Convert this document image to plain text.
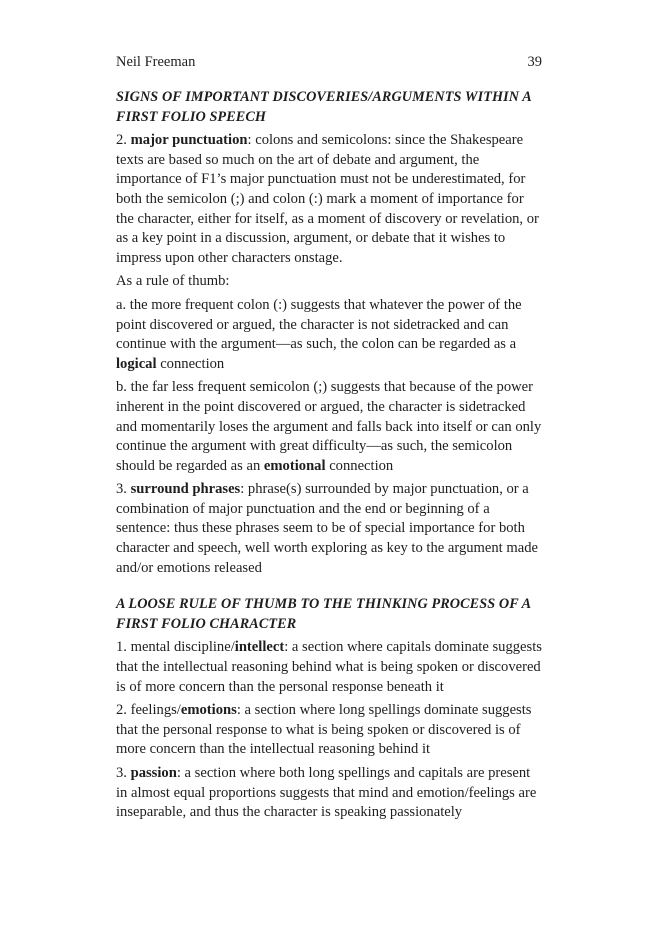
Neil Freeman	39

SIGNS OF IMPORTANT DISCOVERIES/ARGUMENTS WITHIN A FIRST FOLIO SPEECH

2. major punctuation: colons and semicolons: since the Shakespeare texts are based so much on the art of debate and argument, the importance of F1’s major punctuation must not be underestimated, for both the semicolon (;) and colon (:) mark a moment of importance for the character, either for itself, as a moment of discovery or revelation, or as a key point in a discussion, argument, or debate that it wishes to impress upon other characters onstage.

As a rule of thumb:

a. the more frequent colon (:) suggests that whatever the power of the point discovered or argued, the character is not sidetracked and can continue with the argument—as such, the colon can be regarded as a logical connection

b. the far less frequent semicolon (;) suggests that because of the power inherent in the point discovered or argued, the character is sidetracked and momentarily loses the argument and falls back into itself or can only continue the argument with great difficulty—as such, the semicolon should be regarded as an emotional connection

3. surround phrases: phrase(s) surrounded by major punctuation, or a combination of major punctuation and the end or beginning of a sentence: thus these phrases seem to be of special importance for both character and speech, well worth exploring as key to the argument made and/or emotions released

A LOOSE RULE OF THUMB TO THE THINKING PROCESS OF A FIRST FOLIO CHARACTER

1. mental discipline/intellect: a section where capitals dominate suggests that the intellectual reasoning behind what is being spoken or discovered is of more concern than the personal response beneath it

2. feelings/emotions: a section where long spellings dominate suggests that the personal response to what is being spoken or discovered is of more concern than the intellectual reasoning behind it

3. passion: a section where both long spellings and capitals are present in almost equal proportions suggests that mind and emotion/feelings are inseparable, and thus the character is speaking passionately
